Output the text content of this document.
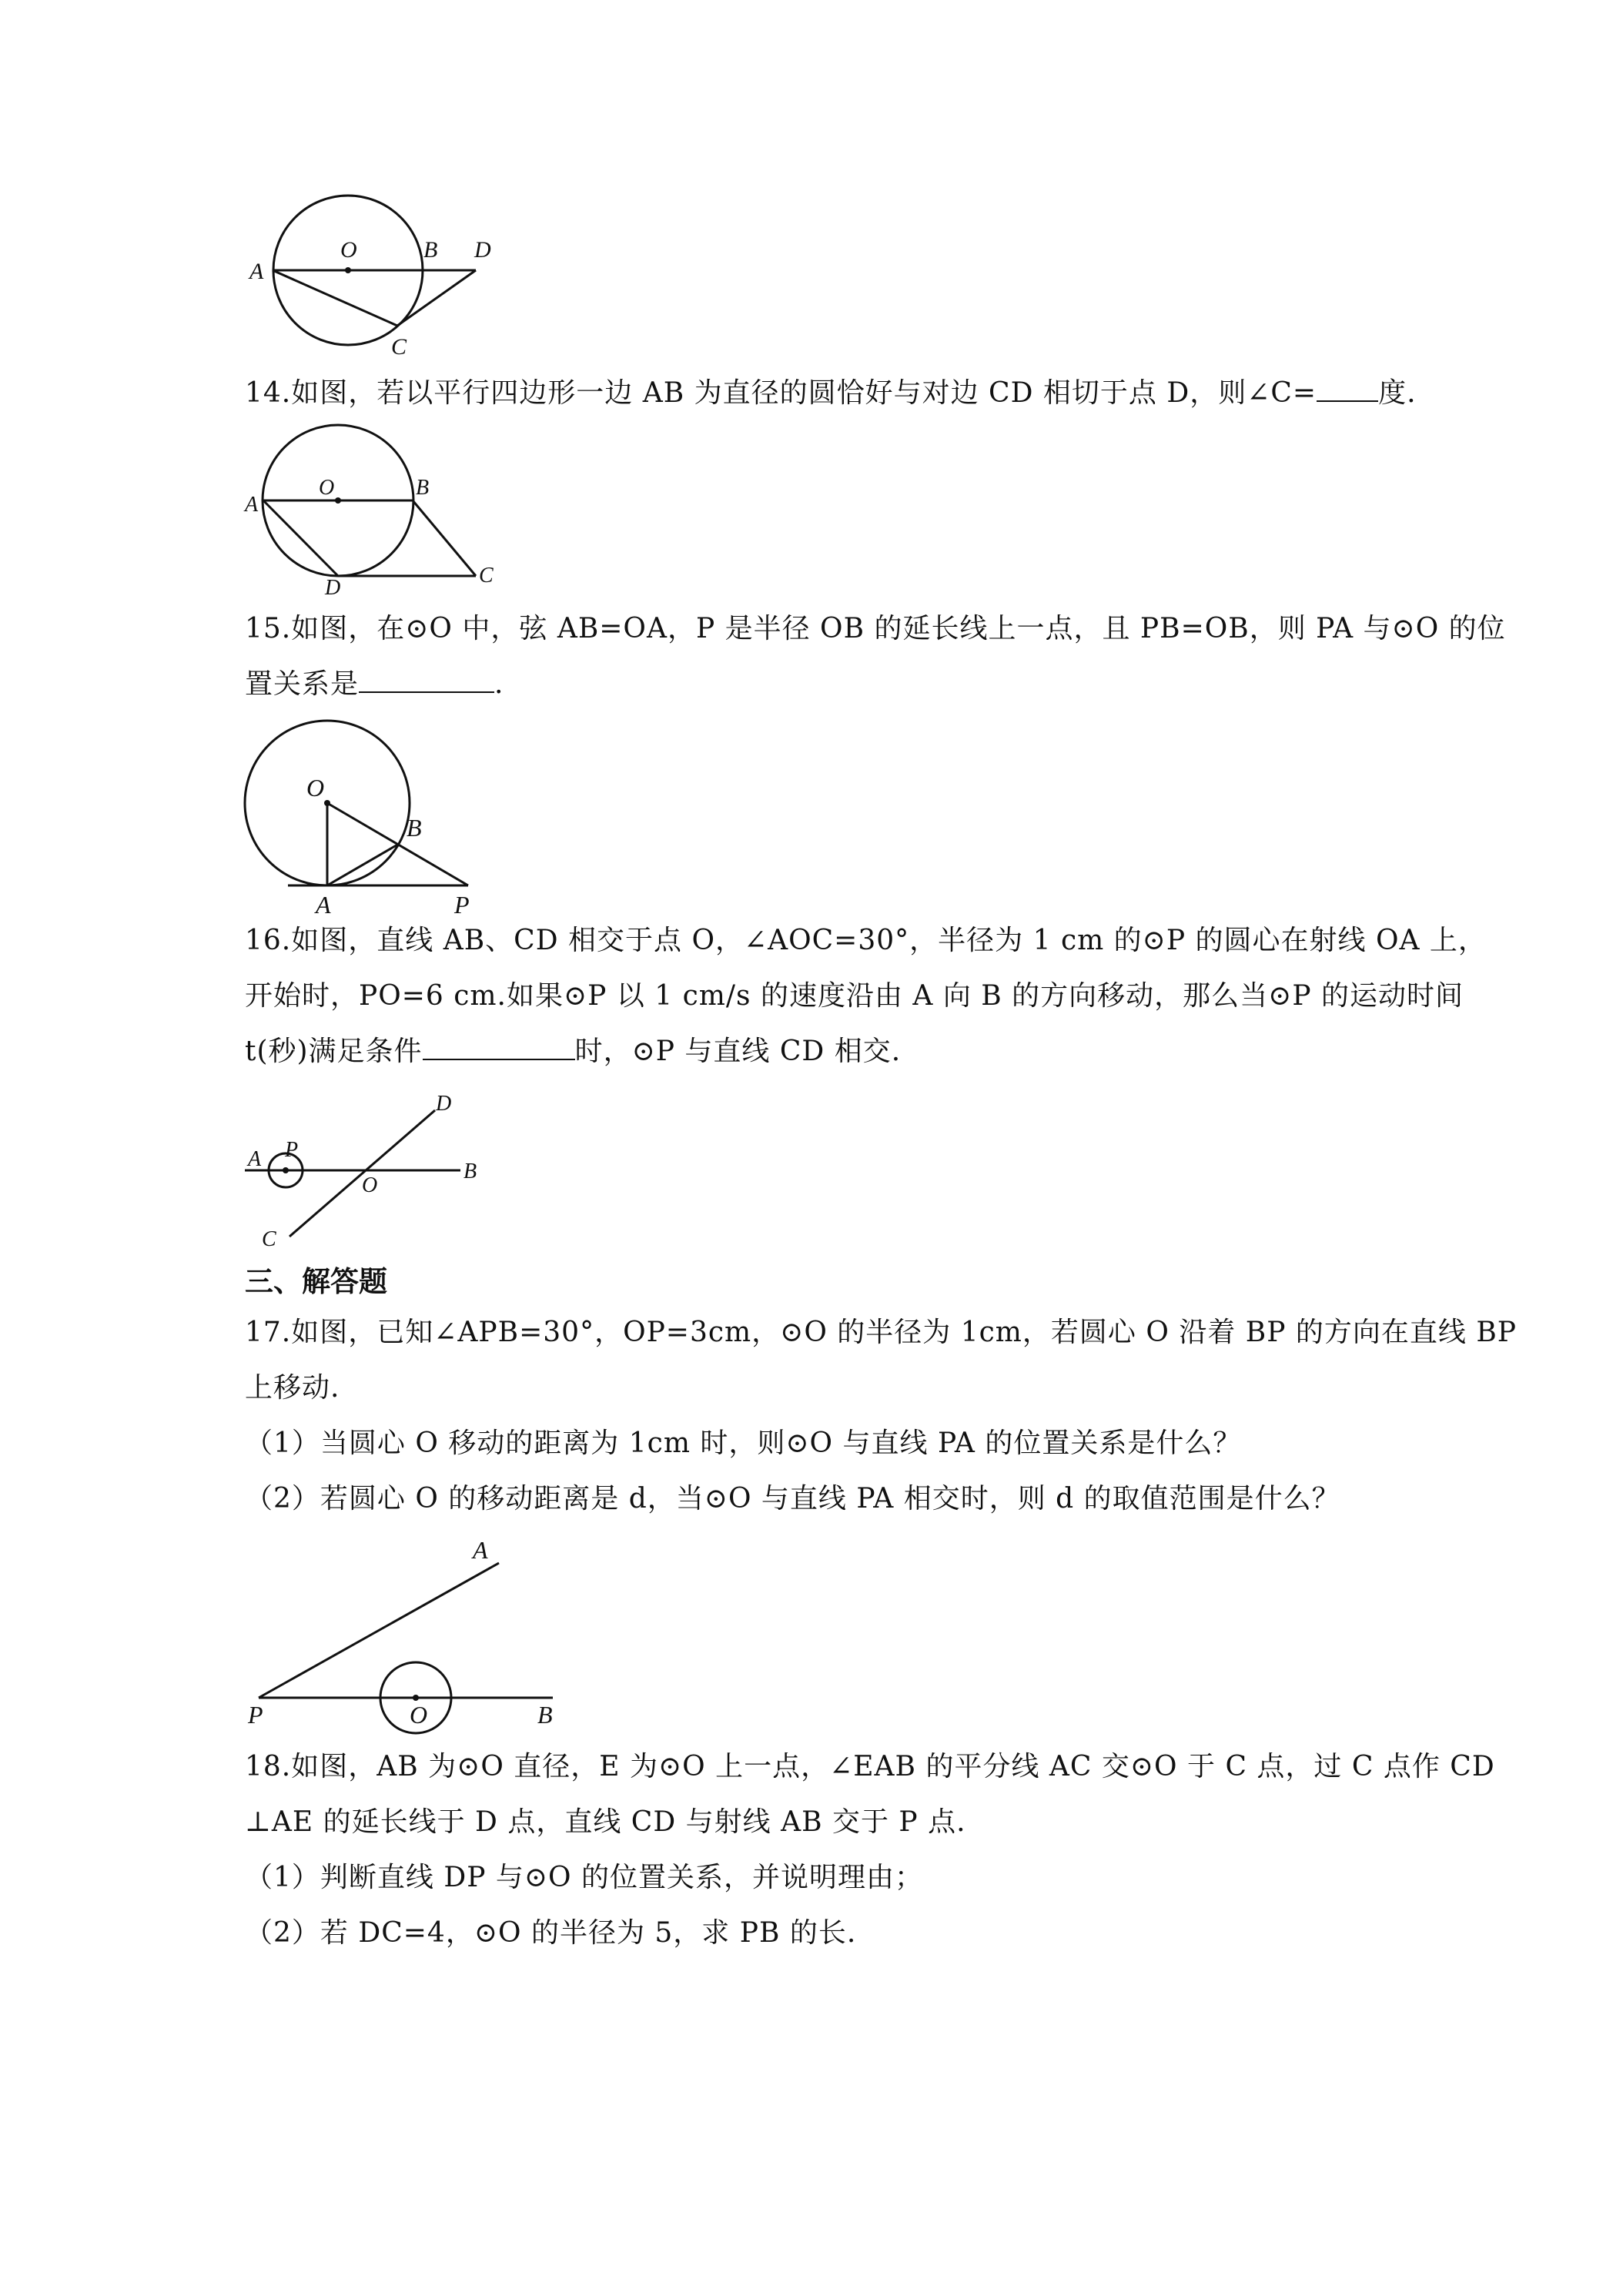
A
O	B D
C
14.如图，若以平行四边形一边 AB 为直径的圆恰好与对边 CD 相切于点 D，则∠C= 度.
A
O	B
D
C
15.如图，在⊙O 中，弦 AB=OA，P 是半径 OB 的延长线上一点，且 PB=OB，则 PA 与⊙O 的位
置关系是	.
O
B
A	P
16.如图，直线 AB、CD 相交于点 O，∠AOC=30°，半径为 1 cm 的⊙P 的圆心在射线 OA 上，
开始时，PO=6 cm.如果⊙P 以 1 cm/s 的速度沿由 A 向 B 的方向移动，那么当⊙P 的运动时间
t(秒)满足条件	时，⊙P 与直线 CD 相交.
D
A P
O
B
C
三、解答题
17.如图，已知∠APB=30°，OP=3cm，⊙O 的半径为 1cm，若圆心 O 沿着 BP 的方向在直线 BP
上移动.
（1）当圆心 O 移动的距离为 1cm 时，则⊙O 与直线 PA 的位置关系是什么？
（2）若圆心 O 的移动距离是 d，当⊙O 与直线 PA 相交时，则 d 的取值范围是什么？
A
P	O	B
18.如图，AB 为⊙O 直径，E 为⊙O 上一点，∠EAB 的平分线 AC 交⊙O 于 C 点，过 C 点作 CD
⊥AE 的延长线于 D 点，直线 CD 与射线 AB 交于 P 点.
（1）判断直线 DP 与⊙O 的位置关系，并说明理由；
（2）若 DC=4，⊙O 的半径为 5，求 PB 的长.
